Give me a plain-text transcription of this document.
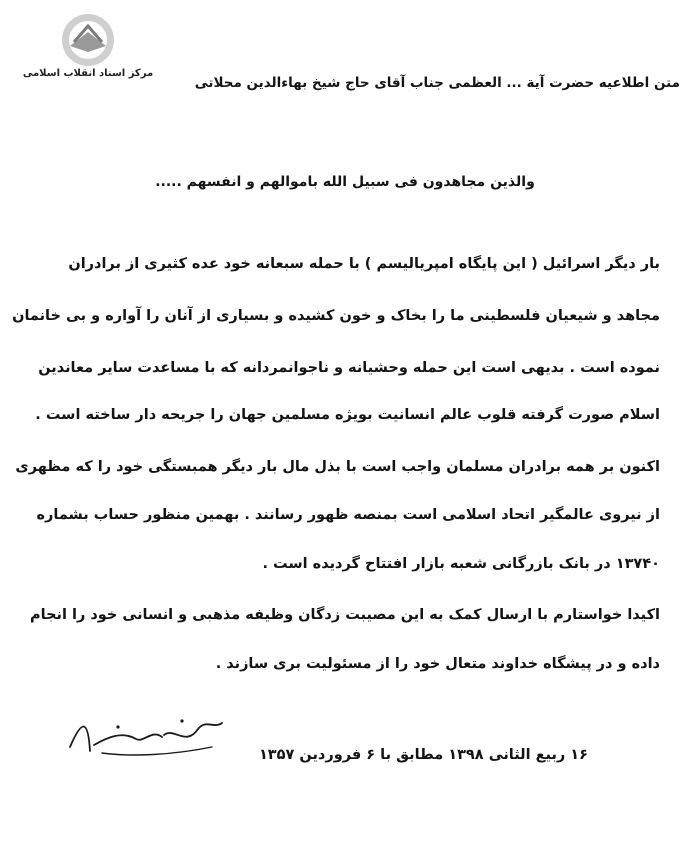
مرکز اسناد انقلاب اسلامی
متن اطلاعیه حضرت آیة ... العظمی جناب آقای حاج شیخ بهاءالدین محلاتی
والذین مجاهدون فی سبیل الله باموالهم و انفسهم .....
بار دیگر اسرائیل ( این پایگاه امپریالیسم ) با حمله سبعانه خود عده کثیری از برادران
مجاهد و شیعیان فلسطینی ما را بخاک و خون کشیده و بسیاری از آنان را آواره و بی خانمان
نموده است . بدیهی است این حمله وحشیانه و ناجوانمردانه که با مساعدت سایر معاندین
اسلام صورت گرفته قلوب عالم انسانیت بویژه مسلمین جهان را جریحه دار ساخته است .
اکنون بر همه برادران مسلمان واجب است با بذل مال بار دیگر همبستگی خود را که مظهری
از نیروی عالمگیر اتحاد اسلامی است بمنصه ظهور رسانند . بهمین منظور حساب بشماره
۱۳۷۴۰ در بانک بازرگانی شعبه بازار افتتاح گردیده است .
اکیدا خواستارم با ارسال کمک به این مصیبت زدگان وظیفه مذهبی و انسانی خود را انجام
داده و در پیشگاه خداوند متعال خود را از مسئولیت بری سازند .
۱۶ ربیع الثانی ۱۳۹۸ مطابق با ۶ فروردین ۱۳۵۷
